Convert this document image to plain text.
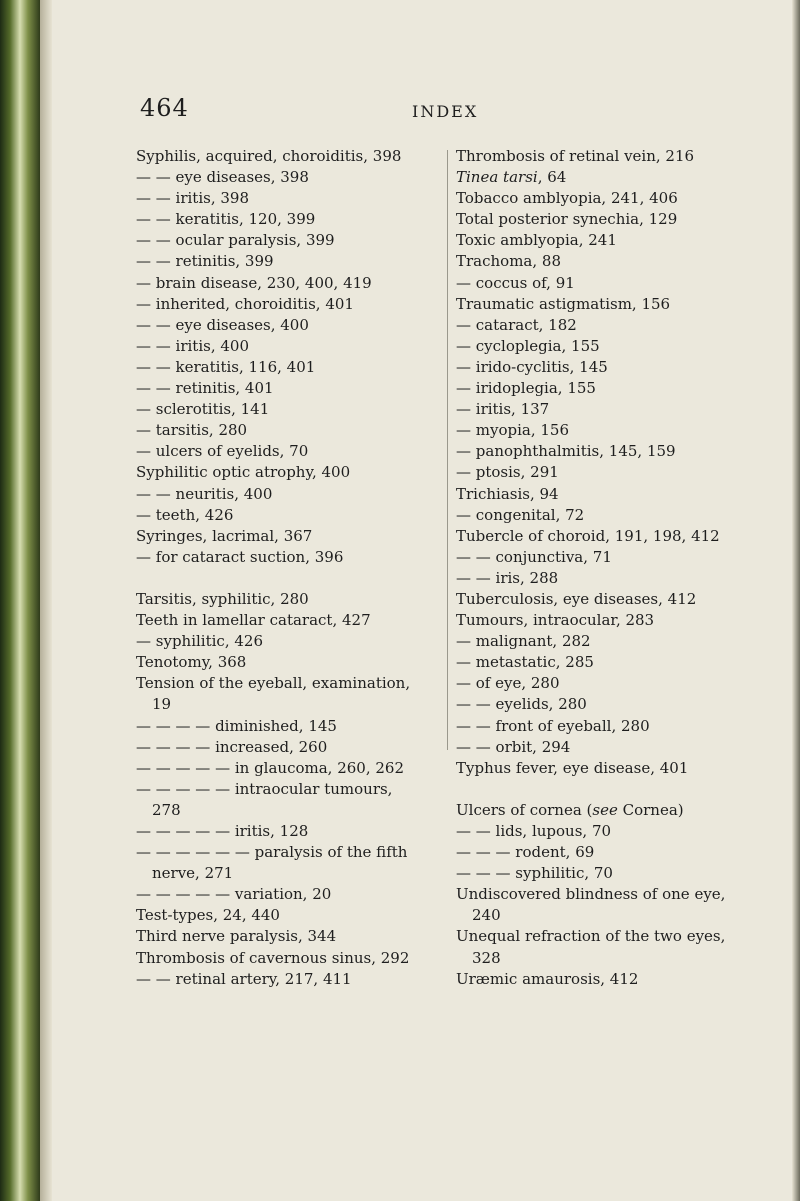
464	INDEX
Syphilis, acquired, choroiditis, 398
— — eye diseases, 398
— — iritis, 398
— — keratitis, 120, 399
— — ocular paralysis, 399
— — retinitis, 399
— brain disease, 230, 400, 419
— inherited, choroiditis, 401
— — eye diseases, 400
— — iritis, 400
— — keratitis, 116, 401
— — retinitis, 401
— sclerotitis, 141
— tarsitis, 280
— ulcers of eyelids, 70
Syphilitic optic atrophy, 400
— — neuritis, 400
— teeth, 426
Syringes, lacrimal, 367
— for cataract suction, 396
Tarsitis, syphilitic, 280
Teeth in lamellar cataract, 427
— syphilitic, 426
Tenotomy, 368
Tension of the eyeball, examination,
19
— — — — diminished, 145
— — — — increased, 260
— — — — — in glaucoma, 260, 262
— — — — — intraocular tumours,
278
— — — — — iritis, 128
— — — — — — paralysis of the fifth
nerve, 271
— — — — — variation, 20
Test-types, 24, 440
Third nerve paralysis, 344
Thrombosis of cavernous sinus, 292
— — retinal artery, 217, 411
Thrombosis of retinal vein, 216
Tinea tarsi, 64
Tobacco amblyopia, 241, 406
Total posterior synechia, 129
Toxic amblyopia, 241
Trachoma, 88
— coccus of, 91
Traumatic astigmatism, 156
— cataract, 182
— cycloplegia, 155
— irido-cyclitis, 145
— iridoplegia, 155
— iritis, 137
— myopia, 156
— panophthalmitis, 145, 159
— ptosis, 291
Trichiasis, 94
— congenital, 72
Tubercle of choroid, 191, 198, 412
— — conjunctiva, 71
— — iris, 288
Tuberculosis, eye diseases, 412
Tumours, intraocular, 283
— malignant, 282
— metastatic, 285
— of eye, 280
— — eyelids, 280
— — front of eyeball, 280
— — orbit, 294
Typhus fever, eye disease, 401
Ulcers of cornea (see Cornea)
— — lids, lupous, 70
— — — rodent, 69
— — — syphilitic, 70
Undiscovered blindness of one eye,
240
Unequal refraction of the two eyes,
328
Uræmic amaurosis, 412
